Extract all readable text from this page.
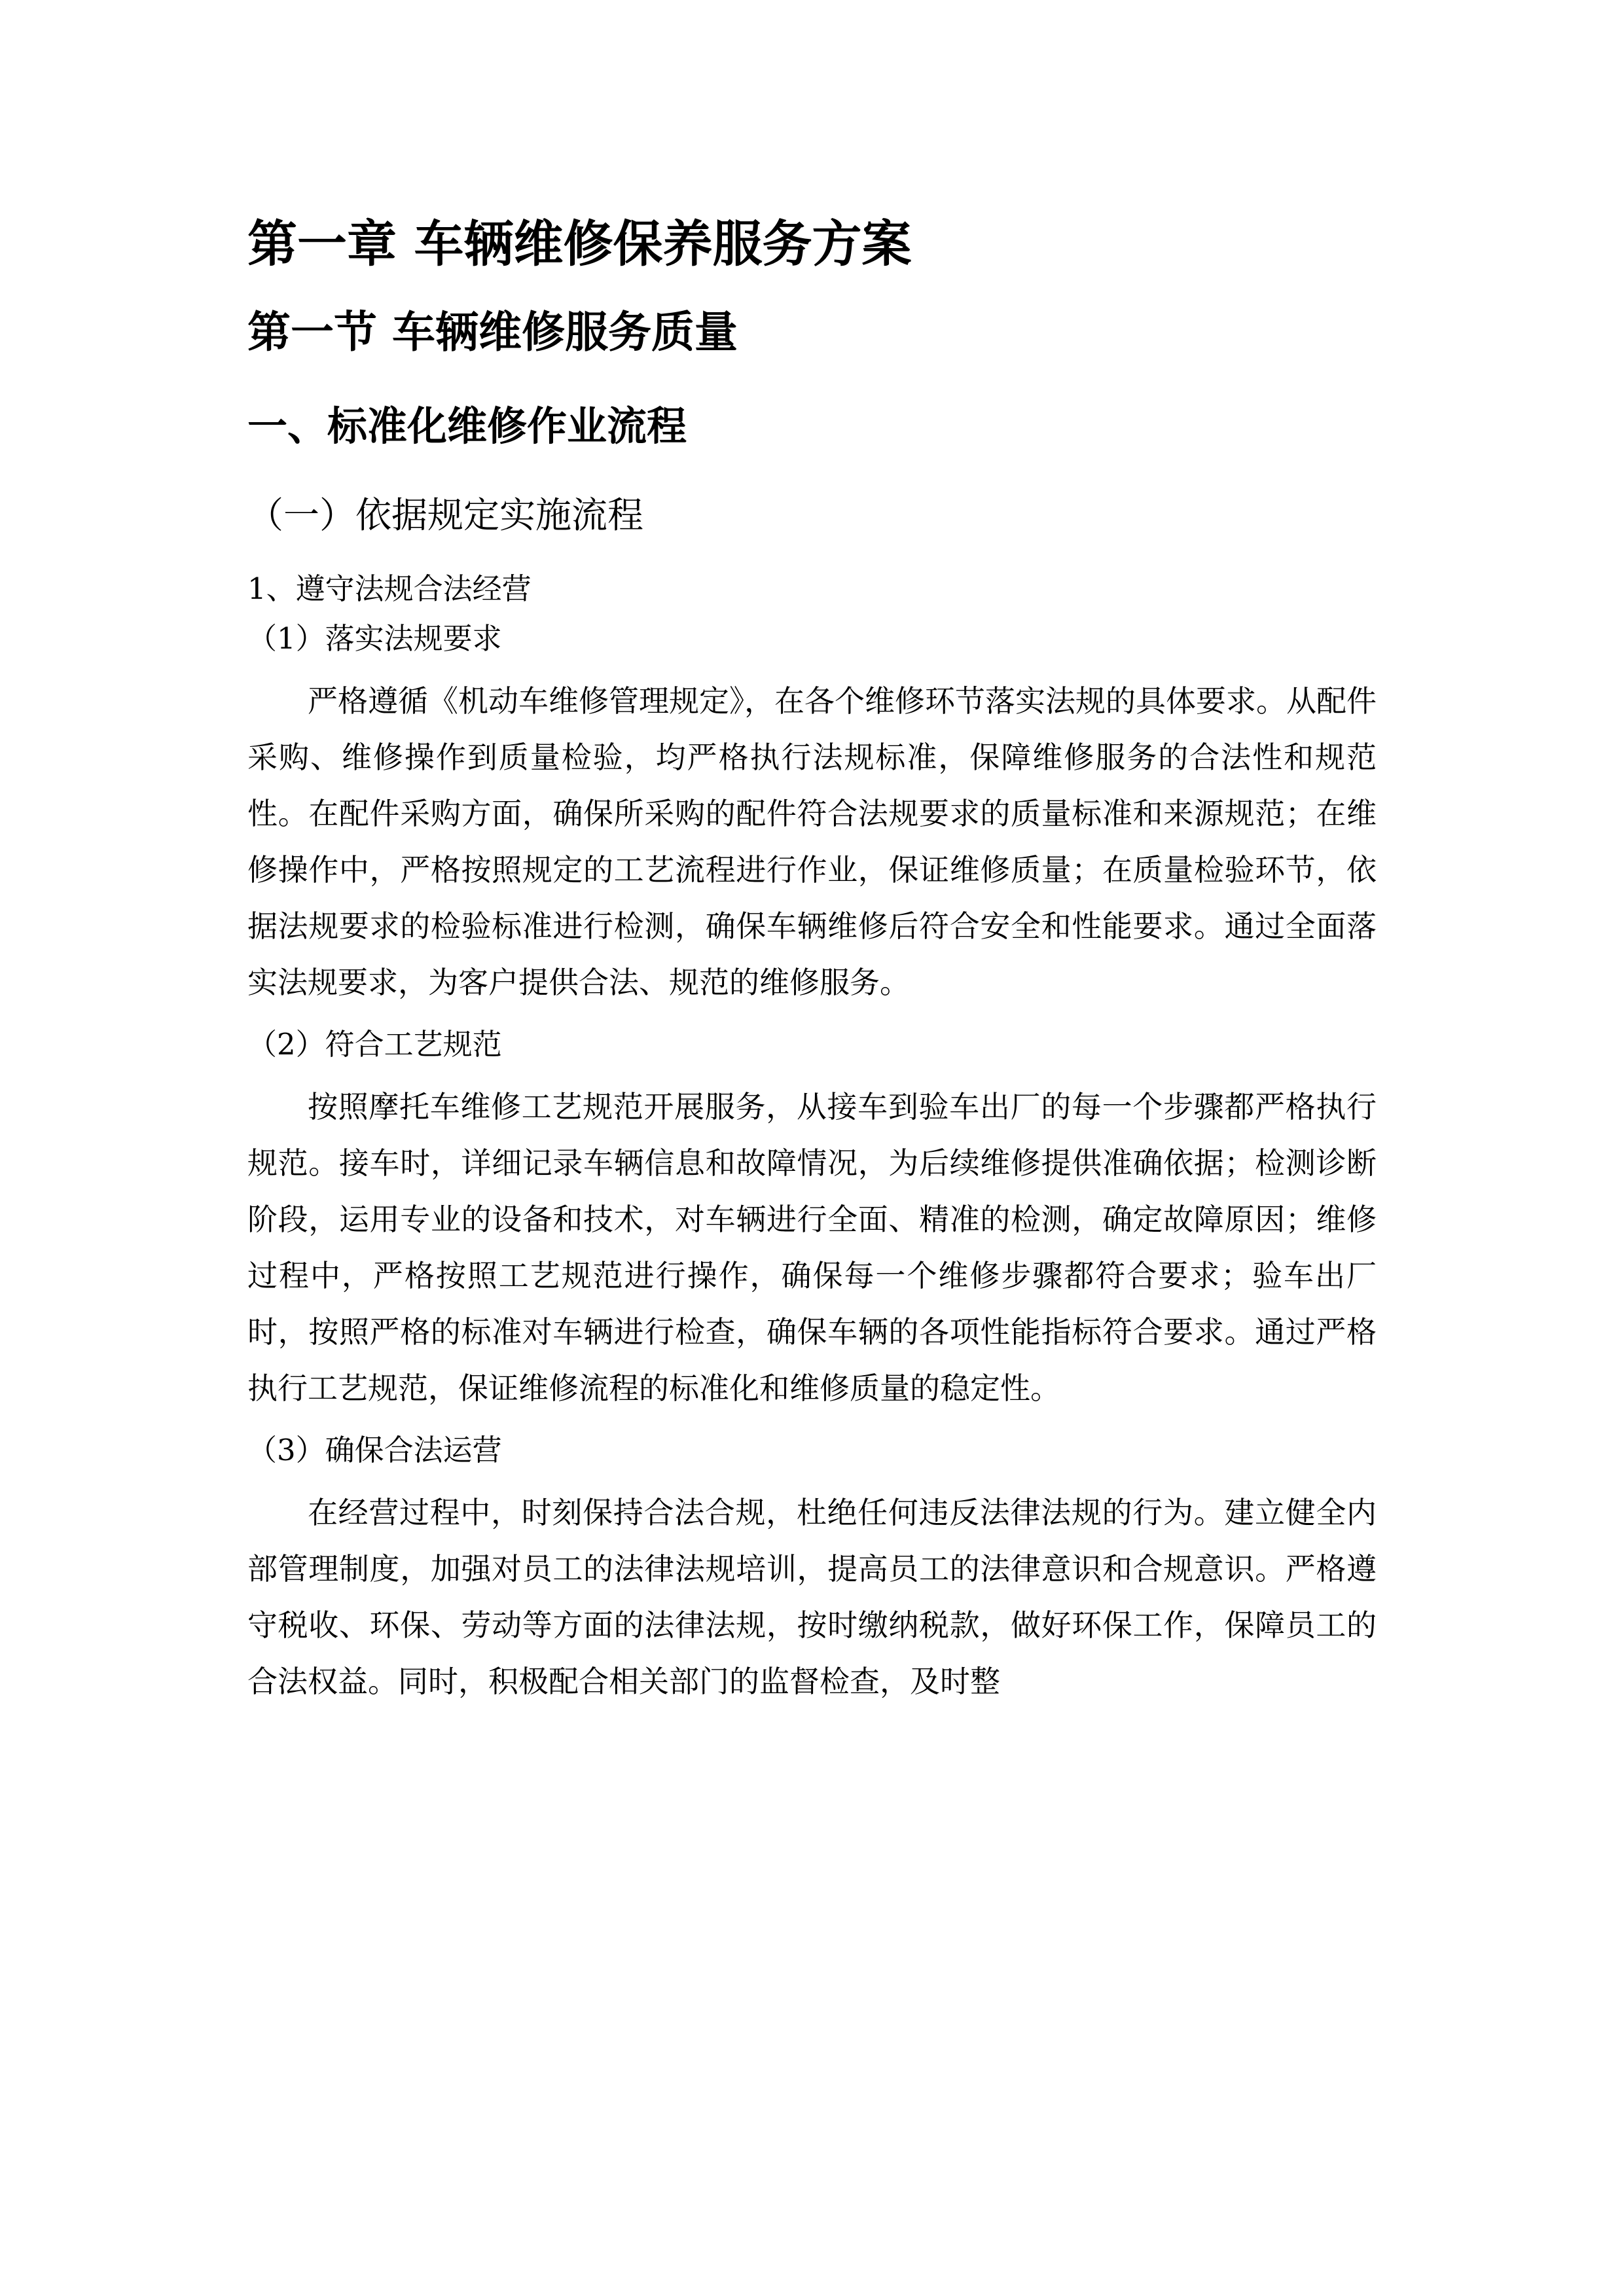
第一章 车辆维修保养服务方案
第一节 车辆维修服务质量
一、标准化维修作业流程
（一）依据规定实施流程
1、遵守法规合法经营
（1）落实法规要求

严格遵循《机动车维修管理规定》，在各个维修环节落实法规的具体要求。从配件采购、维修操作到质量检验，均严格执行法规标准，保障维修服务的合法性和规范性。在配件采购方面，确保所采购的配件符合法规要求的质量标准和来源规范；在维修操作中，严格按照规定的工艺流程进行作业，保证维修质量；在质量检验环节，依据法规要求的检验标准进行检测，确保车辆维修后符合安全和性能要求。通过全面落实法规要求，为客户提供合法、规范的维修服务。

（2）符合工艺规范

按照摩托车维修工艺规范开展服务，从接车到验车出厂的每一个步骤都严格执行规范。接车时，详细记录车辆信息和故障情况，为后续维修提供准确依据；检测诊断阶段，运用专业的设备和技术，对车辆进行全面、精准的检测，确定故障原因；维修过程中，严格按照工艺规范进行操作，确保每一个维修步骤都符合要求；验车出厂时，按照严格的标准对车辆进行检查，确保车辆的各项性能指标符合要求。通过严格执行工艺规范，保证维修流程的标准化和维修质量的稳定性。

（3）确保合法运营

在经营过程中，时刻保持合法合规，杜绝任何违反法律法规的行为。建立健全内部管理制度，加强对员工的法律法规培训，提高员工的法律意识和合规意识。严格遵守税收、环保、劳动等方面的法律法规，按时缴纳税款，做好环保工作，保障员工的合法权益。同时，积极配合相关部门的监督检查，及时整
